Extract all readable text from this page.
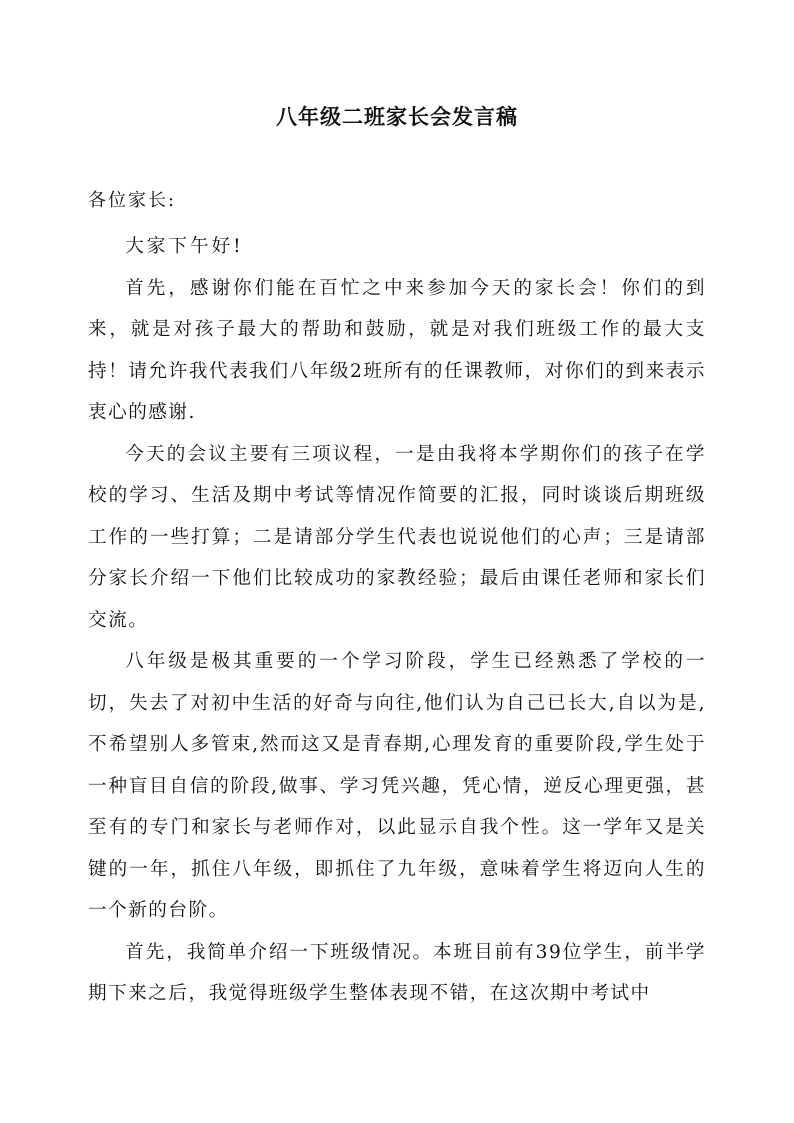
八年级二班家长会发言稿
各位家长:

大家下午好!

首先，感谢你们能在百忙之中来参加今天的家长会！你们的到来，就是对孩子最大的帮助和鼓励，就是对我们班级工作的最大支持！请允许我代表我们八年级2班所有的任课教师，对你们的到来表示衷心的感谢.

今天的会议主要有三项议程，一是由我将本学期你们的孩子在学校的学习、生活及期中考试等情况作简要的汇报，同时谈谈后期班级工作的一些打算；二是请部分学生代表也说说他们的心声；三是请部分家长介绍一下他们比较成功的家教经验；最后由课任老师和家长们交流。

八年级是极其重要的一个学习阶段，学生已经熟悉了学校的一切，失去了对初中生活的好奇与向往,他们认为自己已长大,自以为是,不希望别人多管束,然而这又是青春期,心理发育的重要阶段,学生处于一种盲目自信的阶段,做事、学习凭兴趣，凭心情，逆反心理更强，甚至有的专门和家长与老师作对，以此显示自我个性。这一学年又是关键的一年，抓住八年级，即抓住了九年级，意味着学生将迈向人生的一个新的台阶。

首先，我简单介绍一下班级情况。本班目前有39位学生，前半学期下来之后，我觉得班级学生整体表现不错，在这次期中考试中
